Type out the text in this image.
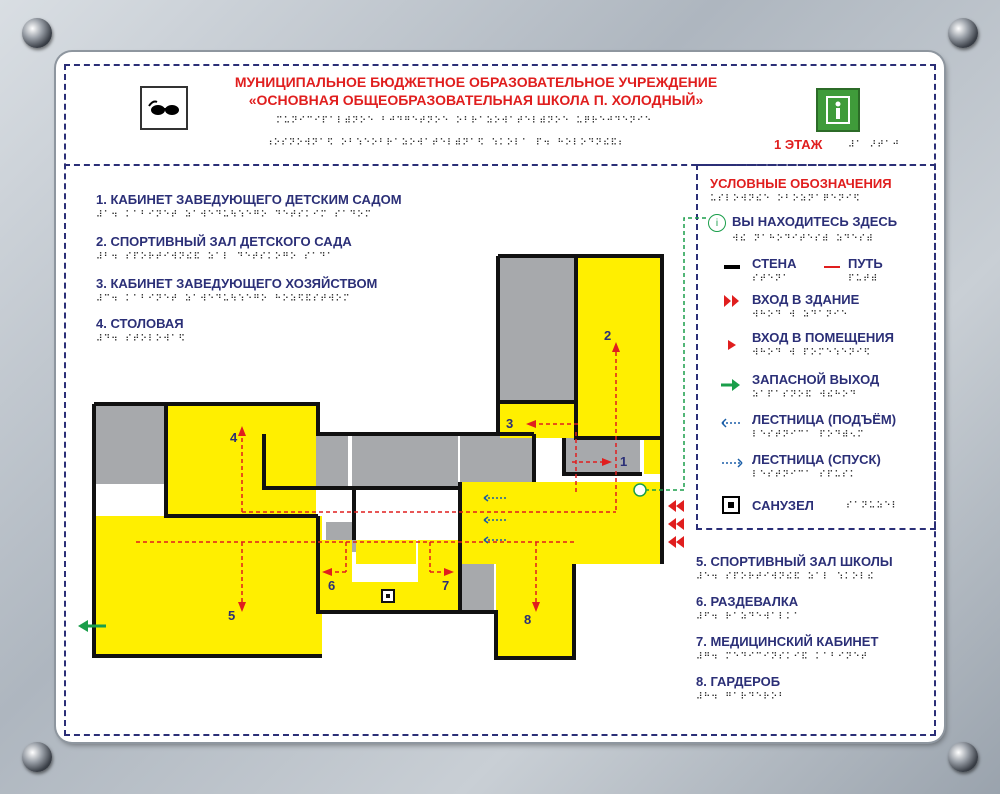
МУНИЦИПАЛЬНОЕ БЮДЖЕТНОЕ ОБРАЗОВАТЕЛЬНОЕ УЧРЕЖДЕНИЕ
«ОСНОВНАЯ ОБЩЕОБРАЗОВАТЕЛЬНАЯ ШКОЛА П. ХОЛОДНЫЙ»
⠍⠥⠝⠊⠉⠊⠏⠁⠇⠾⠝⠕⠑ ⠃⠚⠙⠛⠑⠞⠝⠕⠑ ⠕⠃⠗⠁⠵⠕⠺⠁⠞⠑⠇⠾⠝⠕⠑ ⠥⠟⠗⠑⠚⠙⠑⠝⠊⠑
⠰⠕⠎⠝⠕⠺⠝⠁⠫ ⠕⠃⠱⠑⠕⠃⠗⠁⠵⠕⠺⠁⠞⠑⠇⠾⠝⠁⠫ ⠱⠅⠕⠇⠁ ⠏⠲ ⠓⠕⠇⠕⠙⠝⠮⠯⠆	1 ЭТАЖ	⠼⠁ ⠜⠞⠁⠚
1. КАБИНЕТ ЗАВЕДУЮЩЕГО ДЕТСКИМ САДОМ
⠼⠁⠲ ⠅⠁⠃⠊⠝⠑⠞ ⠵⠁⠺⠑⠙⠥⠳⠱⠑⠛⠕ ⠙⠑⠞⠎⠅⠊⠍ ⠎⠁⠙⠕⠍
2. СПОРТИВНЫЙ ЗАЛ ДЕТСКОГО САДА
⠼⠃⠲ ⠎⠏⠕⠗⠞⠊⠺⠝⠮⠯ ⠵⠁⠇ ⠙⠑⠞⠎⠅⠕⠛⠕ ⠎⠁⠙⠁
3. КАБИНЕТ ЗАВЕДУЮЩЕГО ХОЗЯЙСТВОМ
⠼⠉⠲ ⠅⠁⠃⠊⠝⠑⠞ ⠵⠁⠺⠑⠙⠥⠳⠱⠑⠛⠕ ⠓⠕⠵⠫⠯⠎⠞⠺⠕⠍
4. СТОЛОВАЯ
⠼⠙⠲ ⠎⠞⠕⠇⠕⠺⠁⠫
УСЛОВНЫЕ ОБОЗНАЧЕНИЯ
⠥⠎⠇⠕⠺⠝⠮⠑ ⠕⠃⠕⠵⠝⠁⠟⠑⠝⠊⠫
i	ВЫ НАХОДИТЕСЬ ЗДЕСЬ
⠺⠮ ⠝⠁⠓⠕⠙⠊⠞⠑⠎⠾ ⠵⠙⠑⠎⠾
СТЕНА
⠎⠞⠑⠝⠁
ПУТЬ
⠏⠥⠞⠾
ВХОД В ЗДАНИЕ
⠺⠓⠕⠙ ⠺ ⠵⠙⠁⠝⠊⠑
ВХОД В ПОМЕЩЕНИЯ
⠺⠓⠕⠙ ⠺ ⠏⠕⠍⠑⠱⠑⠝⠊⠫
ЗАПАСНОЙ ВЫХОД
⠵⠁⠏⠁⠎⠝⠕⠯ ⠺⠮⠓⠕⠙
ЛЕСТНИЦА (ПОДЪЁМ)
⠇⠑⠎⠞⠝⠊⠉⠁ ⠏⠕⠙⠾⠢⠍
ЛЕСТНИЦА (СПУСК)
⠇⠑⠎⠞⠝⠊⠉⠁ ⠎⠏⠥⠎⠅
САНУЗЕЛ	⠎⠁⠝⠥⠵⠑⠇
5. СПОРТИВНЫЙ ЗАЛ ШКОЛЫ
⠼⠑⠲ ⠎⠏⠕⠗⠞⠊⠺⠝⠮⠯ ⠵⠁⠇ ⠱⠅⠕⠇⠮
6. РАЗДЕВАЛКА
⠼⠋⠲ ⠗⠁⠵⠙⠑⠺⠁⠇⠅⠁
7. МЕДИЦИНСКИЙ КАБИНЕТ
⠼⠛⠲ ⠍⠑⠙⠊⠉⠊⠝⠎⠅⠊⠯ ⠅⠁⠃⠊⠝⠑⠞
8. ГАРДЕРОБ
⠼⠓⠲ ⠛⠁⠗⠙⠑⠗⠕⠃
4
5
2
3
1
6	7
8
